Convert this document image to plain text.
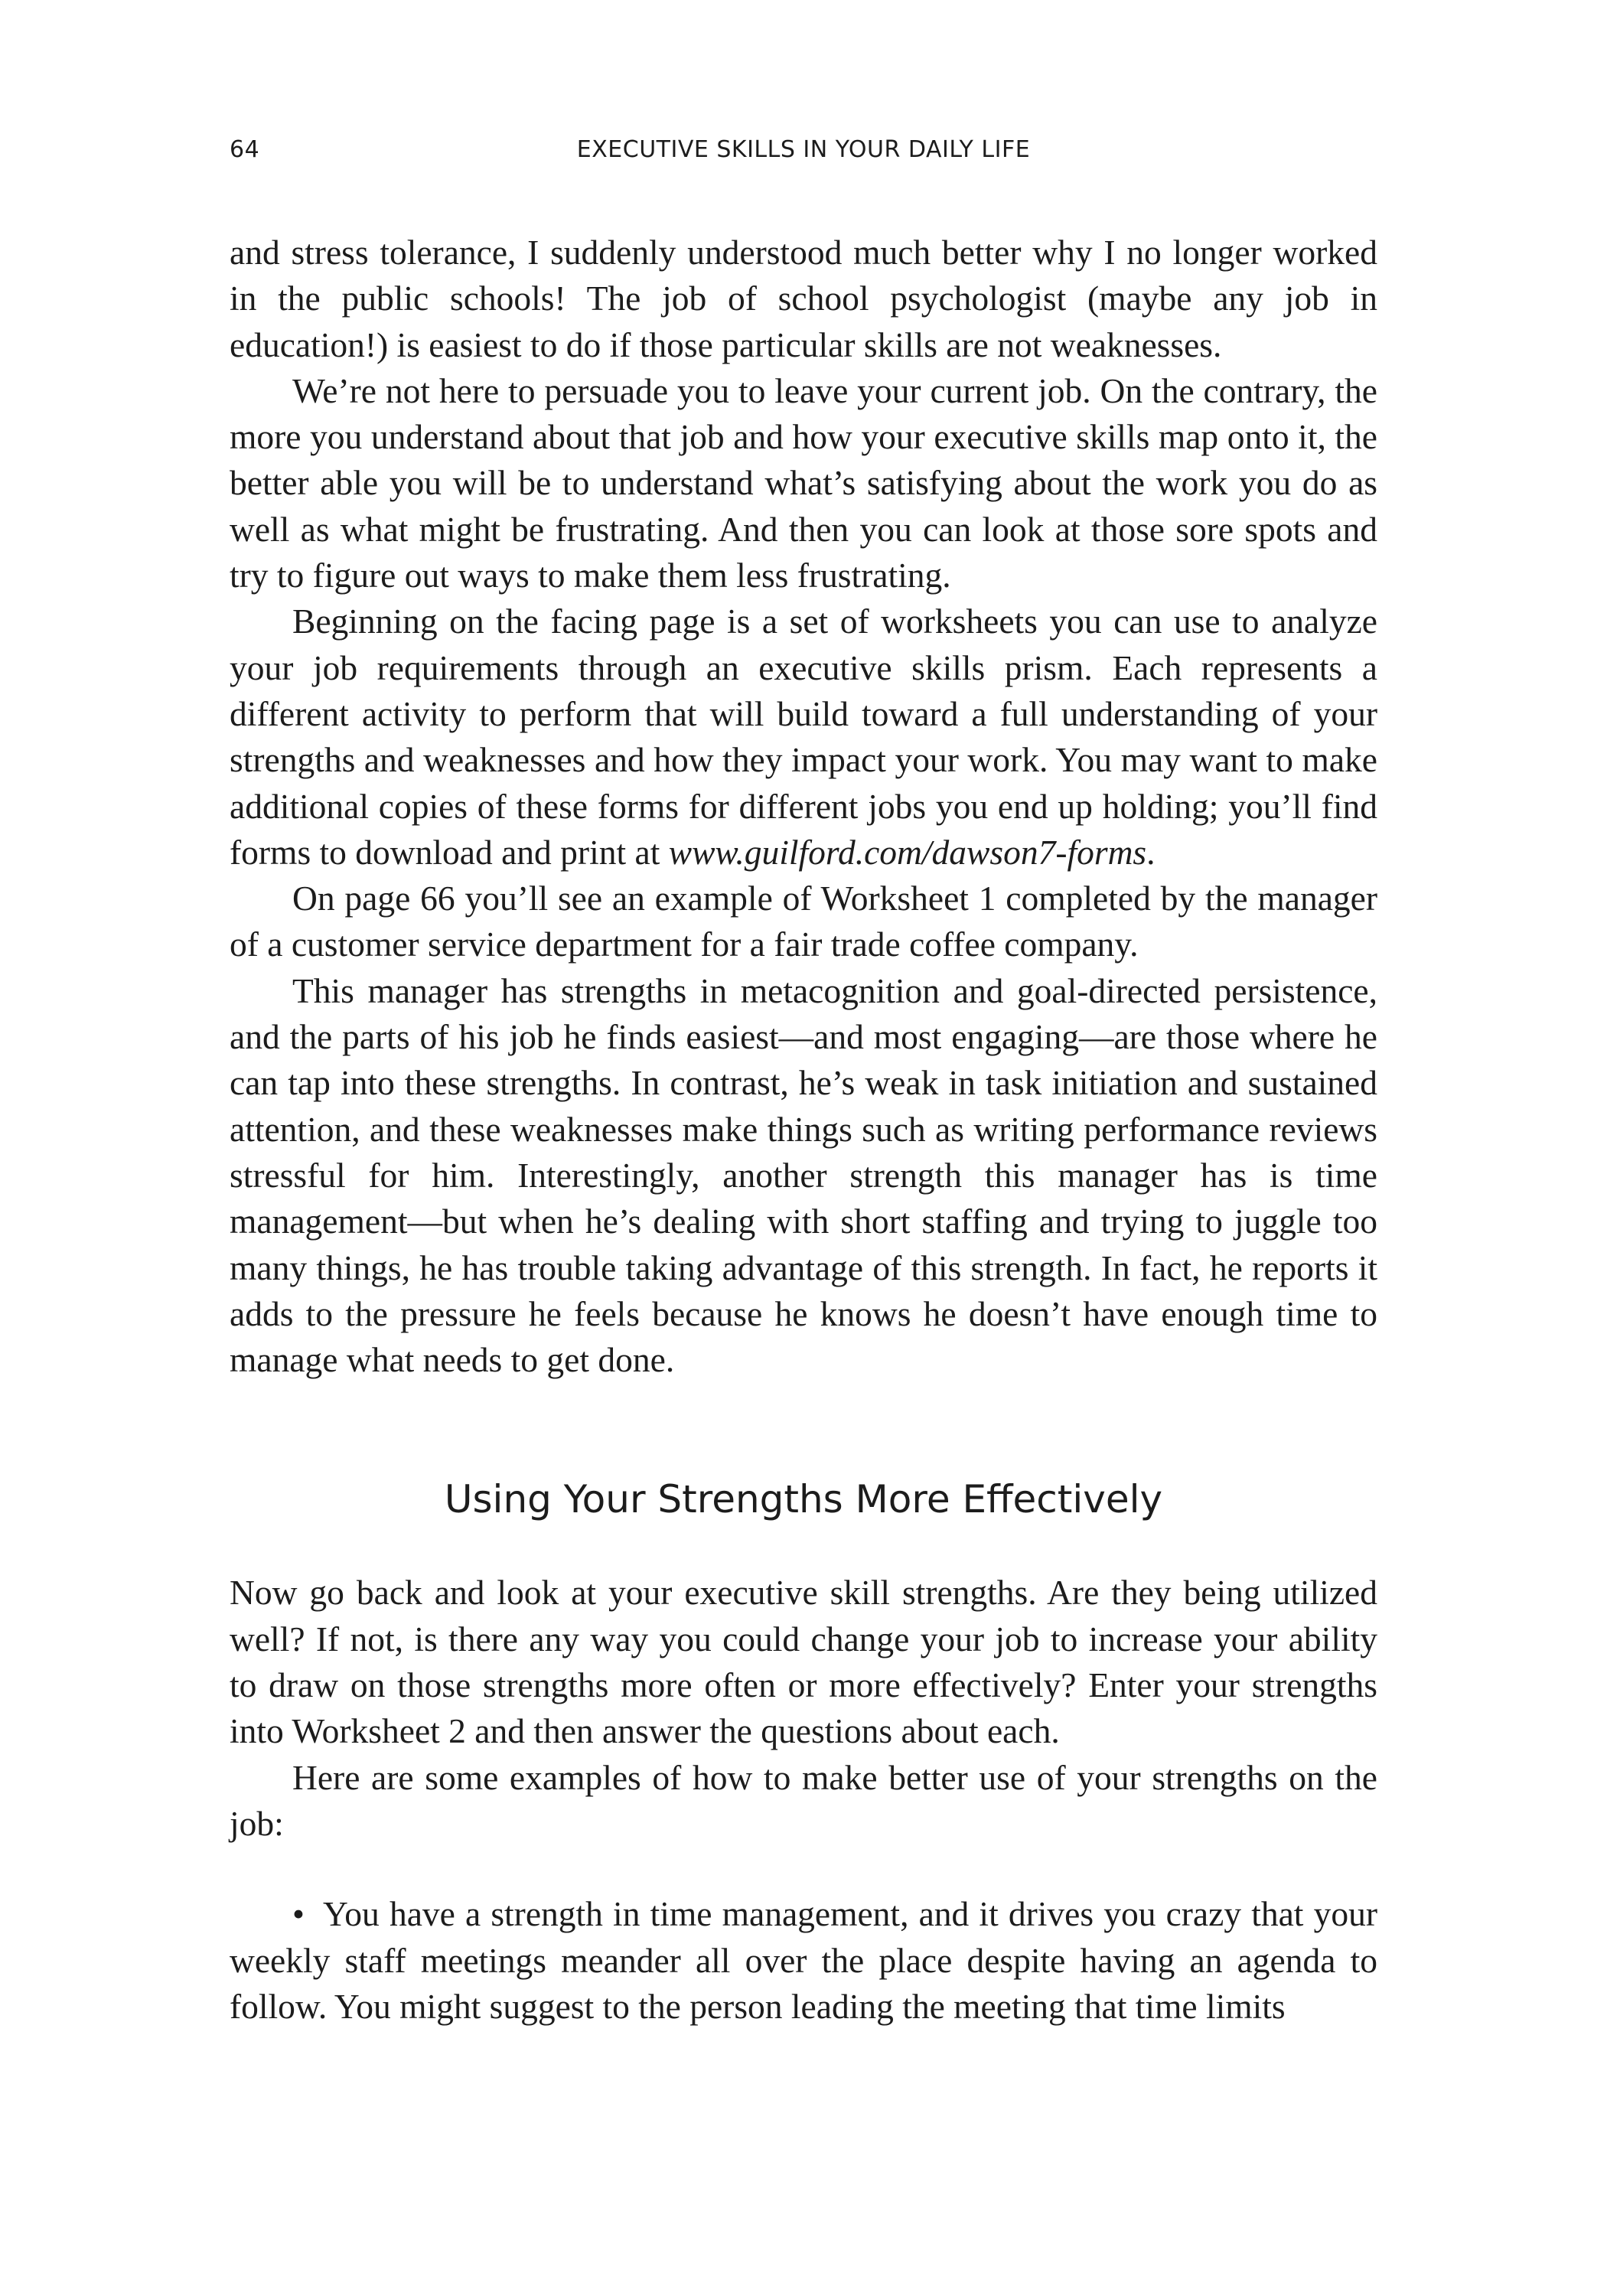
64	EXECUTIVE SKILLS IN YOUR DAILY LIFE

and stress tolerance, I suddenly understood much better why I no longer worked in the public schools! The job of school psychologist (maybe any job in education!) is easiest to do if those particular skills are not weaknesses.

We’re not here to persuade you to leave your current job. On the contrary, the more you understand about that job and how your executive skills map onto it, the better able you will be to understand what’s satisfying about the work you do as well as what might be frustrating. And then you can look at those sore spots and try to figure out ways to make them less frustrating.

Beginning on the facing page is a set of worksheets you can use to analyze your job requirements through an executive skills prism. Each represents a different activity to perform that will build toward a full understanding of your strengths and weaknesses and how they impact your work. You may want to make additional copies of these forms for different jobs you end up holding; you’ll find forms to download and print at www.guilford.com/dawson7-forms.

On page 66 you’ll see an example of Worksheet 1 completed by the manager of a customer service department for a fair trade coffee company.

This manager has strengths in metacognition and goal-directed persistence, and the parts of his job he finds easiest—and most engaging—are those where he can tap into these strengths. In contrast, he’s weak in task initiation and sustained attention, and these weaknesses make things such as writing performance reviews stressful for him. Interestingly, another strength this manager has is time management—but when he’s dealing with short staffing and trying to juggle too many things, he has trouble taking advantage of this strength. In fact, he reports it adds to the pressure he feels because he knows he doesn’t have enough time to manage what needs to get done.

Using Your Strengths More Effectively

Now go back and look at your executive skill strengths. Are they being utilized well? If not, is there any way you could change your job to increase your ability to draw on those strengths more often or more effectively? Enter your strengths into Worksheet 2 and then answer the questions about each.

Here are some examples of how to make better use of your strengths on the job:

• You have a strength in time management, and it drives you crazy that your weekly staff meetings meander all over the place despite having an agenda to follow. You might suggest to the person leading the meeting that time limits
